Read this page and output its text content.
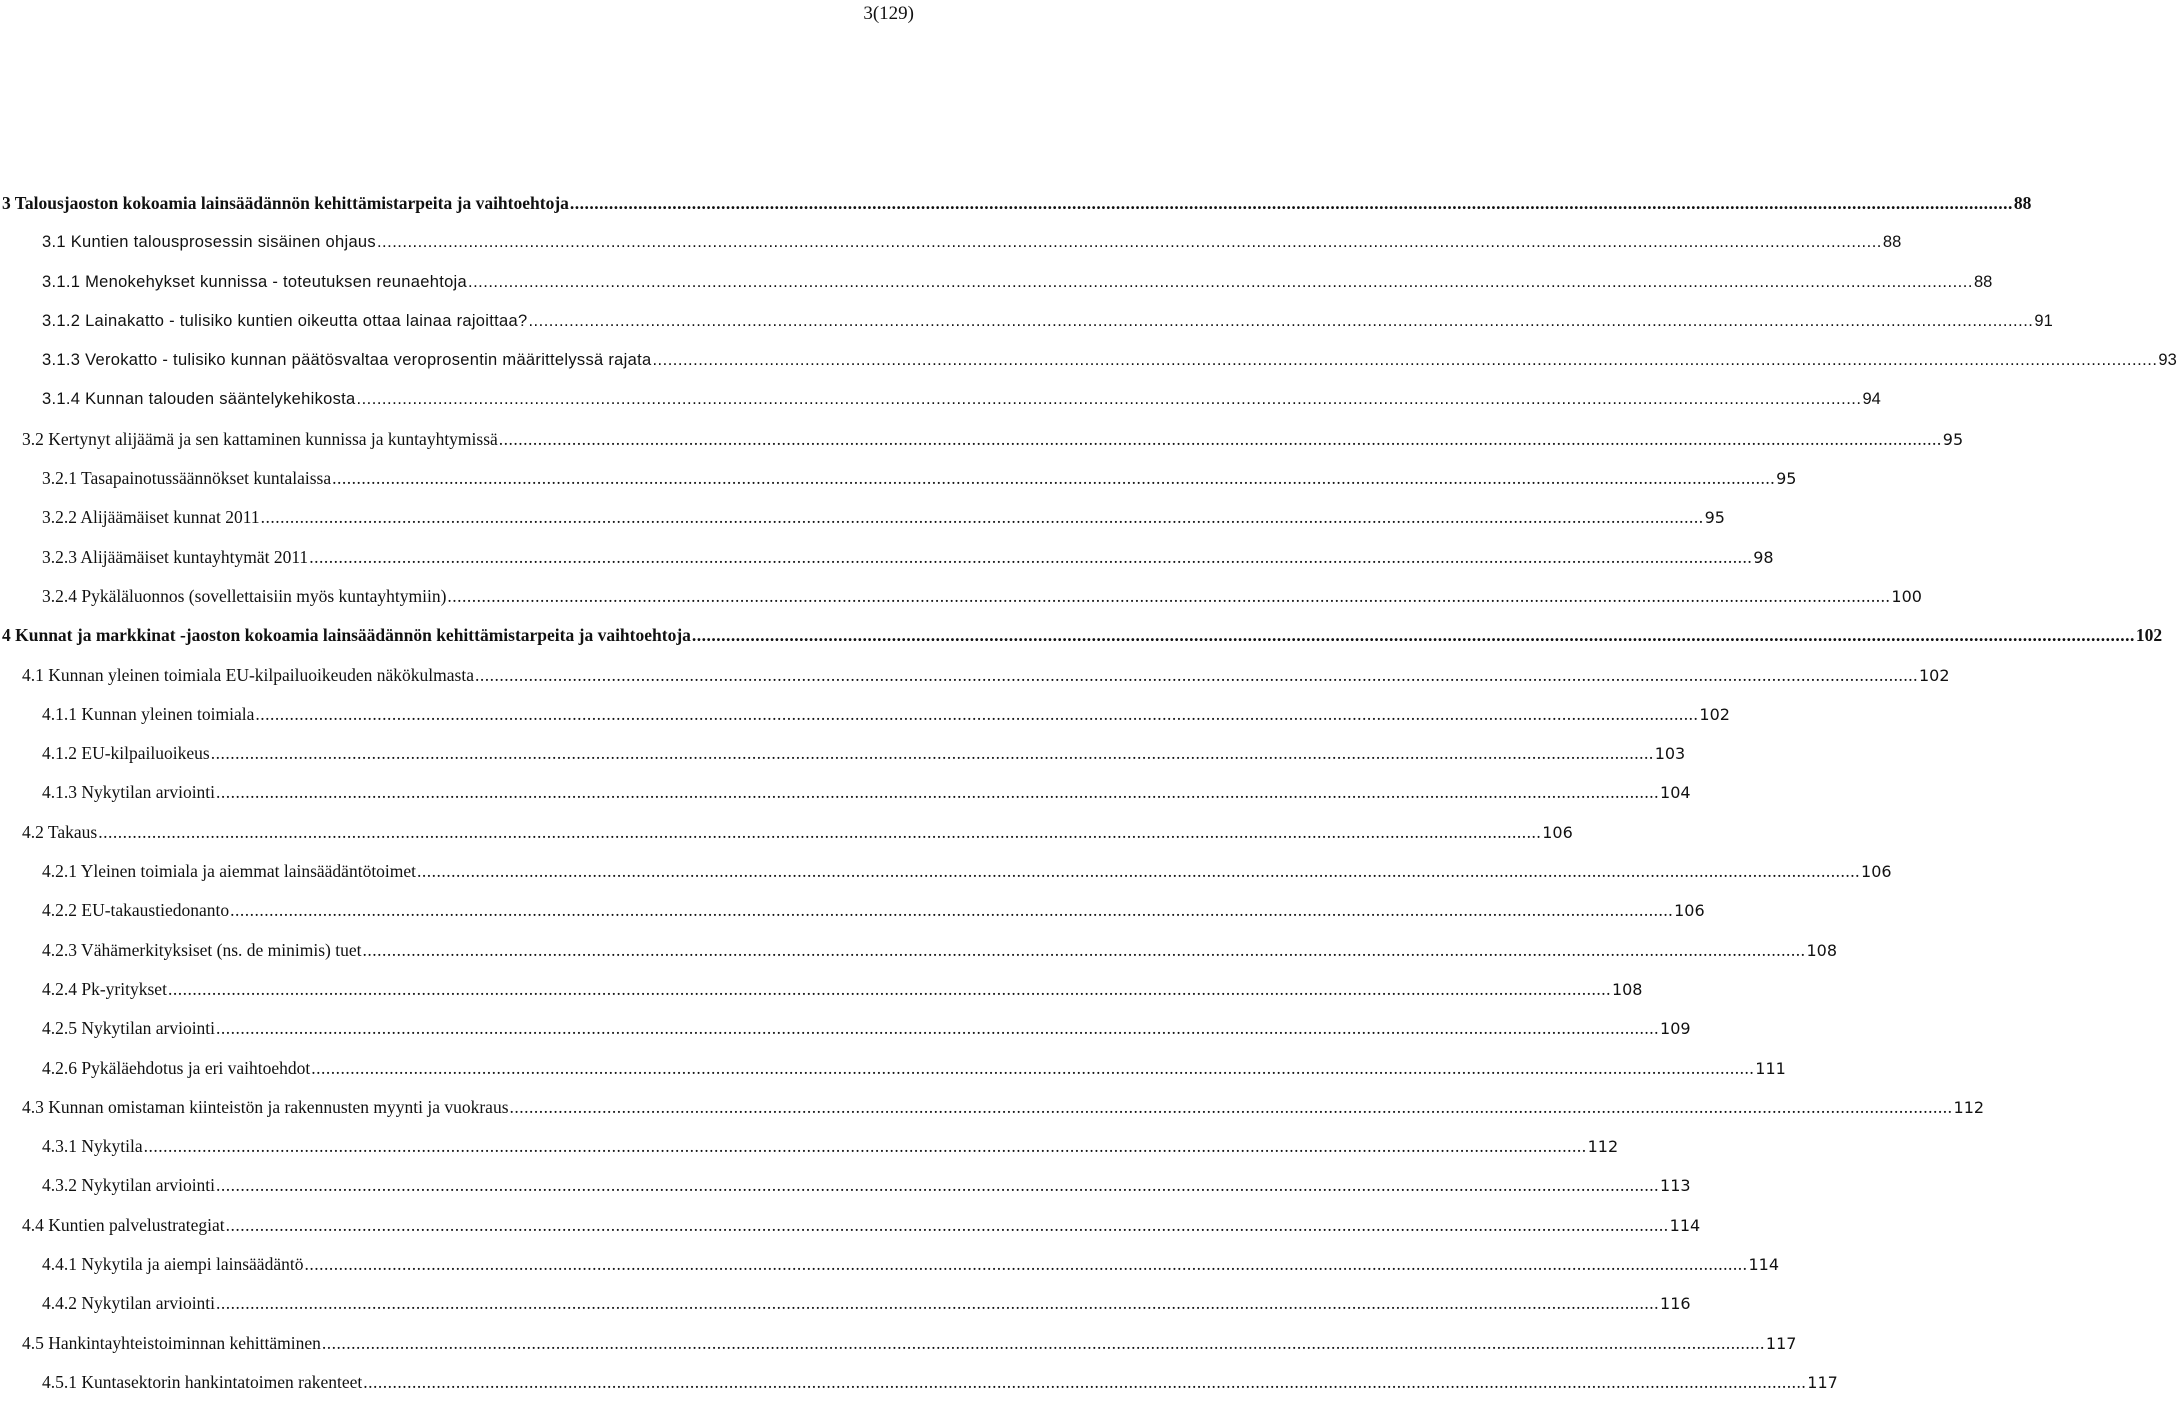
3(129)
3 Talousjaoston kokoamia lainsäädännön kehittämistarpeita ja vaihtoehtoja .....	88
3.1 Kuntien talousprosessin sisäinen ohjaus .....	88
3.1.1 Menokehykset kunnissa - toteutuksen reunaehtoja .....	88
3.1.2 Lainakatto - tulisiko kuntien oikeutta ottaa lainaa rajoittaa? .....	91
3.1.3 Verokatto - tulisiko kunnan päätösvaltaa veroprosentin määrittelyssä rajata .....	93
3.1.4 Kunnan talouden sääntelykehikosta .....	94
3.2 Kertynyt alijäämä ja sen kattaminen kunnissa ja kuntayhtymissä .....	95
3.2.1 Tasapainotussäännökset kuntalaissa .....	95
3.2.2 Alijäämäiset kunnat 2011 .....	95
3.2.3 Alijäämäiset kuntayhtymät 2011 .....	98
3.2.4 Pykäläluonnos (sovellettaisiin myös kuntayhtymiin) .....	100
4 Kunnat ja markkinat -jaoston kokoamia lainsäädännön kehittämistarpeita ja vaihtoehtoja .....	102
4.1 Kunnan yleinen toimiala EU-kilpailuoikeuden näkökulmasta .....	102
4.1.1 Kunnan yleinen toimiala .....	102
4.1.2 EU-kilpailuoikeus .....	103
4.1.3 Nykytilan arviointi .....	104
4.2 Takaus .....	106
4.2.1 Yleinen toimiala ja aiemmat lainsäädäntötoimet .....	106
4.2.2 EU-takaustiedonanto .....	106
4.2.3 Vähämerkityksiset (ns. de minimis) tuet .....	108
4.2.4 Pk-yritykset .....	108
4.2.5 Nykytilan arviointi .....	109
4.2.6 Pykäläehdotus ja eri vaihtoehdot .....	111
4.3 Kunnan omistaman kiinteistön ja rakennusten myynti ja vuokraus .....	112
4.3.1 Nykytila .....	112
4.3.2 Nykytilan arviointi .....	113
4.4 Kuntien palvelustrategiat .....	114
4.4.1 Nykytila ja aiempi lainsäädäntö .....	114
4.4.2 Nykytilan arviointi .....	116
4.5 Hankintayhteistoiminnan kehittäminen .....	117
4.5.1 Kuntasektorin hankintatoimen rakenteet .....	117
